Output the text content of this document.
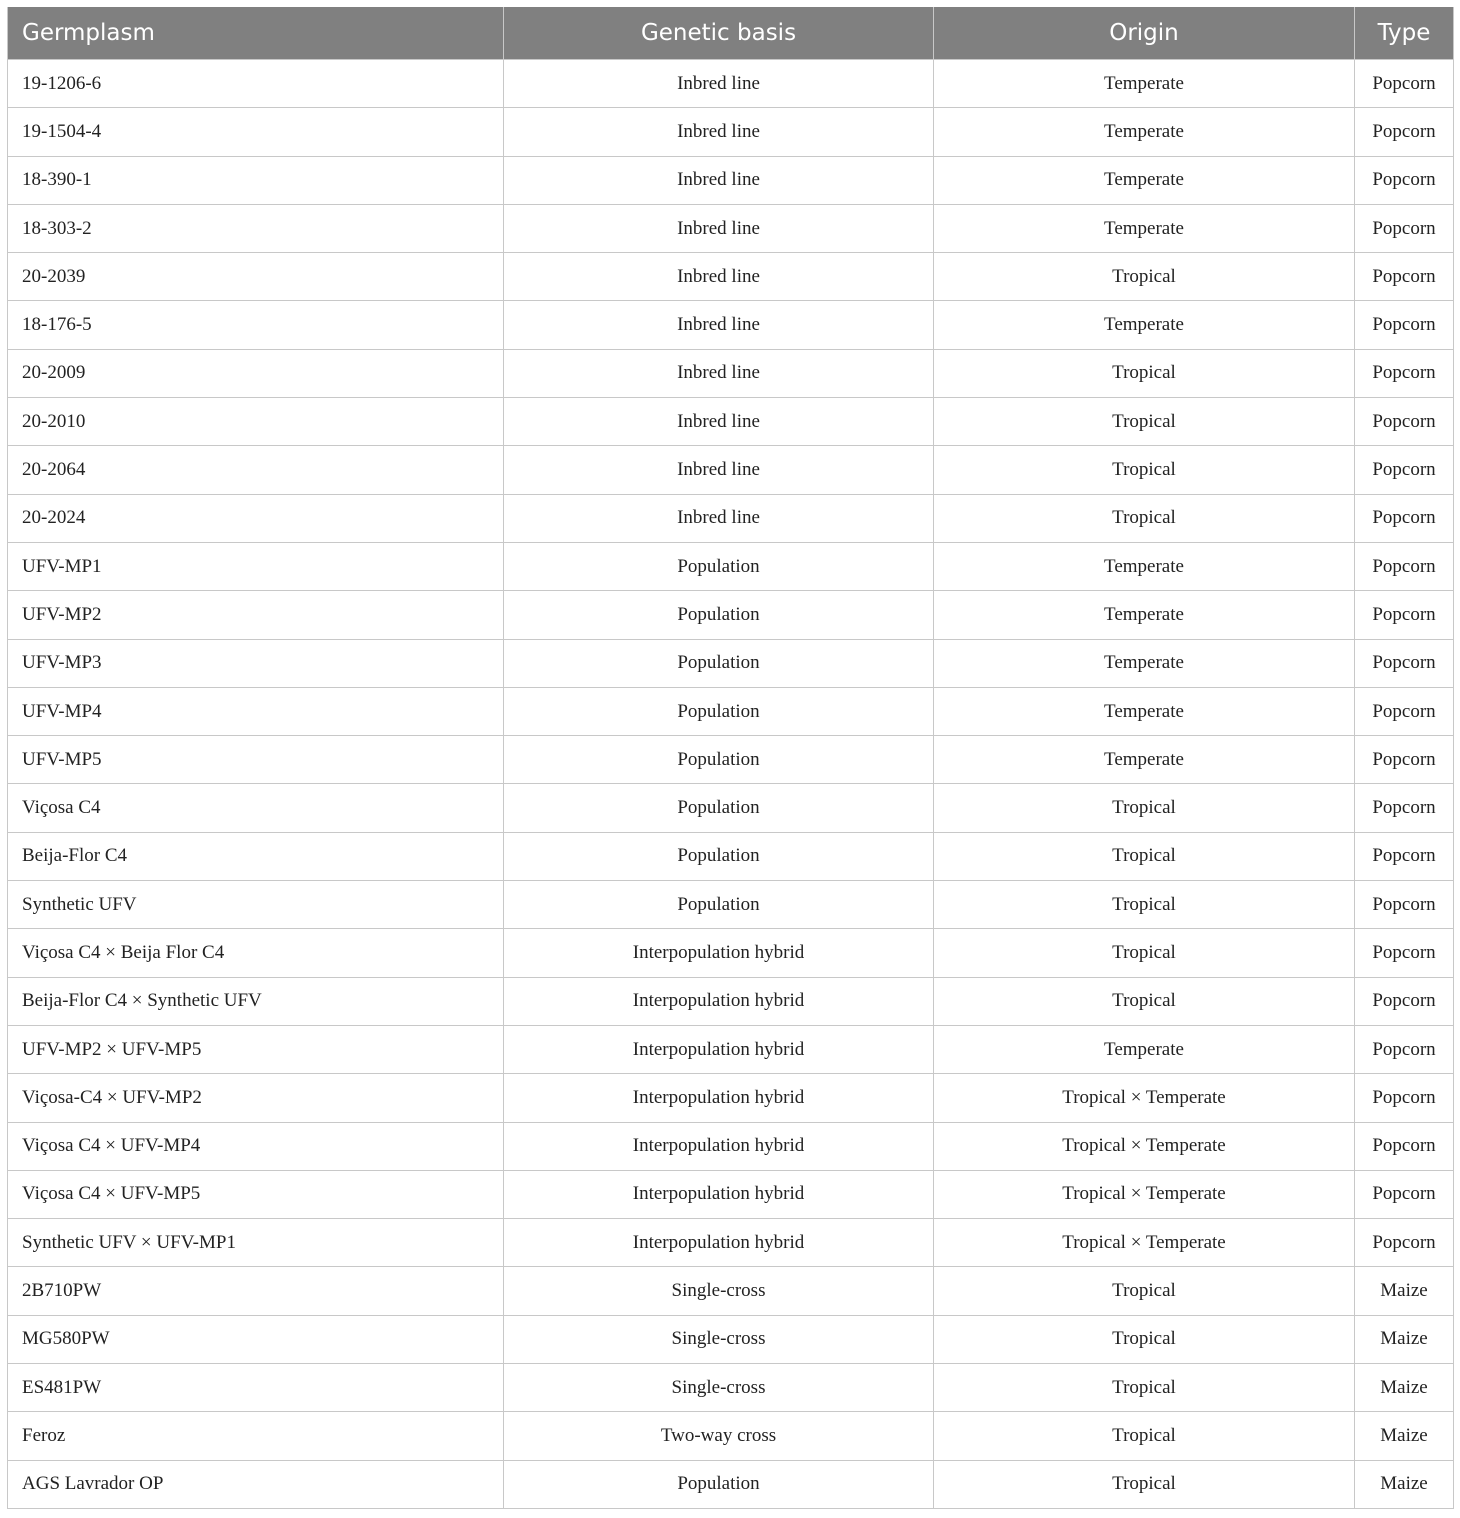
Germplasm	Genetic basis	Origin	Type
19-1206-6	Inbred line	Temperate	Popcorn
19-1504-4	Inbred line	Temperate	Popcorn
18-390-1	Inbred line	Temperate	Popcorn
18-303-2	Inbred line	Temperate	Popcorn
20-2039	Inbred line	Tropical	Popcorn
18-176-5	Inbred line	Temperate	Popcorn
20-2009	Inbred line	Tropical	Popcorn
20-2010	Inbred line	Tropical	Popcorn
20-2064	Inbred line	Tropical	Popcorn
20-2024	Inbred line	Tropical	Popcorn
UFV-MP1	Population	Temperate	Popcorn
UFV-MP2	Population	Temperate	Popcorn
UFV-MP3	Population	Temperate	Popcorn
UFV-MP4	Population	Temperate	Popcorn
UFV-MP5	Population	Temperate	Popcorn
Viçosa C4	Population	Tropical	Popcorn
Beija-Flor C4	Population	Tropical	Popcorn
Synthetic UFV	Population	Tropical	Popcorn
Viçosa C4 × Beija Flor C4	Interpopulation hybrid	Tropical	Popcorn
Beija-Flor C4 × Synthetic UFV	Interpopulation hybrid	Tropical	Popcorn
UFV-MP2 × UFV-MP5	Interpopulation hybrid	Temperate	Popcorn
Viçosa-C4 × UFV-MP2	Interpopulation hybrid	Tropical × Temperate	Popcorn
Viçosa C4 × UFV-MP4	Interpopulation hybrid	Tropical × Temperate	Popcorn
Viçosa C4 × UFV-MP5	Interpopulation hybrid	Tropical × Temperate	Popcorn
Synthetic UFV × UFV-MP1	Interpopulation hybrid	Tropical × Temperate	Popcorn
2B710PW	Single-cross	Tropical	Maize
MG580PW	Single-cross	Tropical	Maize
ES481PW	Single-cross	Tropical	Maize
Feroz	Two-way cross	Tropical	Maize
AGS Lavrador OP	Population	Tropical	Maize
